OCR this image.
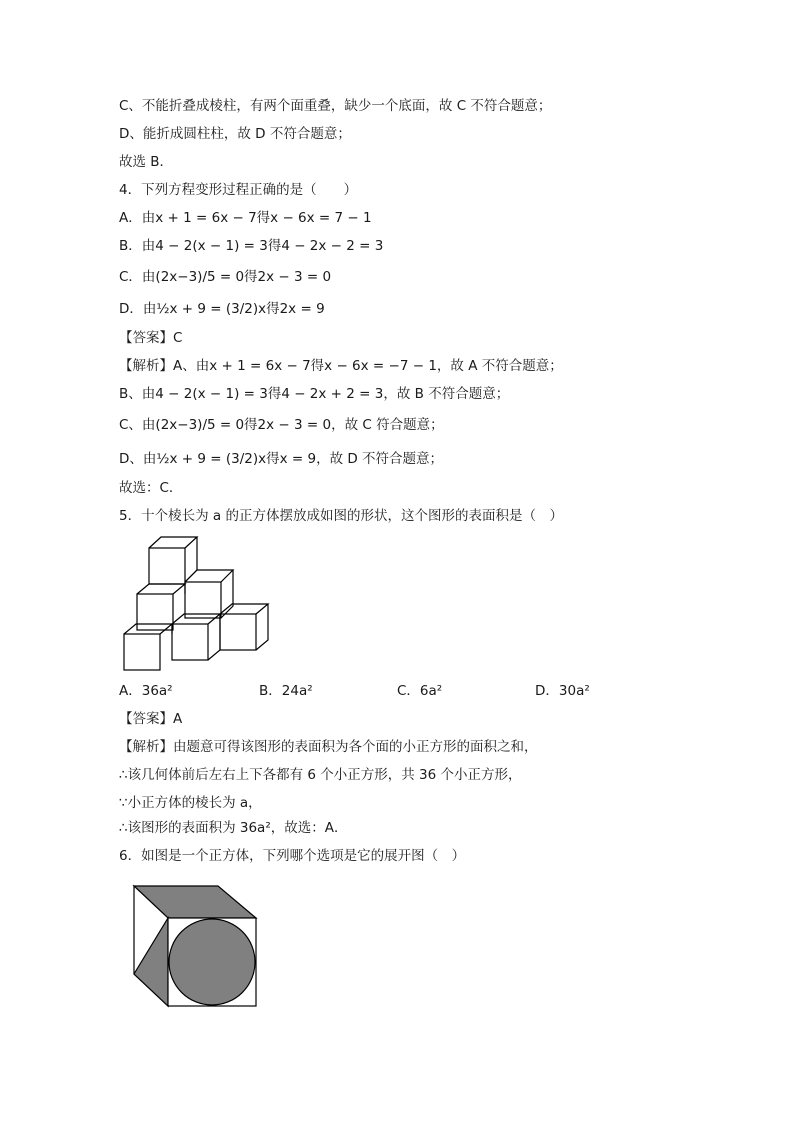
C、不能折叠成棱柱，有两个面重叠，缺少一个底面，故 C 不符合题意；
D、能折成圆柱柱，故 D 不符合题意；
故选 B．
4．下列方程变形过程正确的是（　　）
A．由x + 1 = 6x − 7得x − 6x = 7 − 1
B．由4 − 2(x − 1) = 3得4 − 2x − 2 = 3
C．由(2x−3)/5 = 0得2x − 3 = 0
D．由½x + 9 = (3/2)x得2x = 9
【答案】C
【解析】A、由x + 1 = 6x − 7得x − 6x = −7 − 1，故 A 不符合题意；
B、由4 − 2(x − 1) = 3得4 − 2x + 2 = 3，故 B 不符合题意；
C、由(2x−3)/5 = 0得2x − 3 = 0，故 C 符合题意；
D、由½x + 9 = (3/2)x得x = 9，故 D 不符合题意；
故选：C．
5．十个棱长为 a 的正方体摆放成如图的形状，这个图形的表面积是（　）
A．36a²	B．24a²	C．6a²	D．30a²
【答案】A
【解析】由题意可得该图形的表面积为各个面的小正方形的面积之和，
∴该几何体前后左右上下各都有 6 个小正方形，共 36 个小正方形，
∵小正方体的棱长为 a，
∴该图形的表面积为 36a²，故选：A．
6．如图是一个正方体，下列哪个选项是它的展开图（　）
